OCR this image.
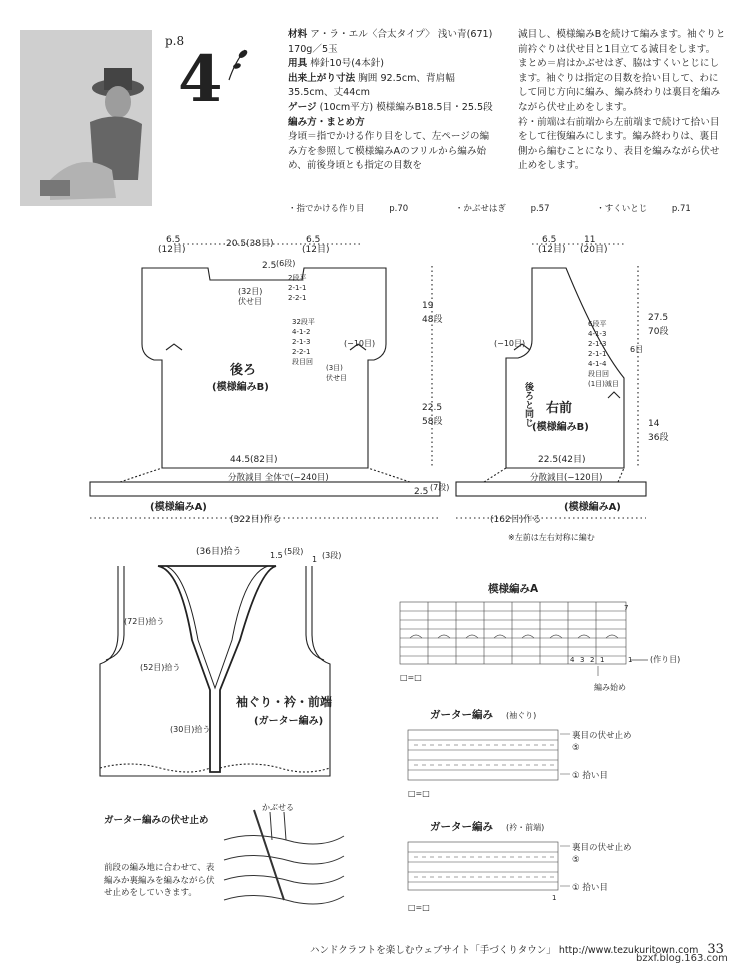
p.8
4
材料 ア・ラ・エル〈合太タイプ〉 浅い青(671) 170g／5玉
用具 棒針10号(4本針)
出来上がり寸法 胸囲 92.5cm、背肩幅 35.5cm、丈44cm
ゲージ (10cm平方) 模様編みB18.5目・25.5段
編み方・まとめ方
身頃＝指でかける作り目をして、左ページの編み方を参照して模様編みAのフリルから編み始め、前後身頃とも指定の目数を
減目し、模様編みBを続けて編みます。袖ぐりと前衿ぐりは伏せ目と1目立てる減目をします。
まとめ＝肩はかぶせはぎ、脇はすくいとじにします。袖ぐりは指定の目数を拾い目して、わにして同じ方向に編み、編み終わりは裏目を編みながら伏せ止めをします。
衿・前端は右前端から左前端まで続けて拾い目をして往復編みにします。編み終わりは、裏目側から編むことになり、表目を編みながら伏せ止めをします。
・指でかける作り目	p.70	・かぶせはぎ	p.57	・すくいとじ	p.71
6.5
(12目)
20.5(38目)	6.5
(12目)
2.5 (6段)
(32目)
伏せ目
2段平
2-1-1
2-2-1
32段平
4-1-2
2-1-3
2-2-1
段目回
(3目)
伏せ目
(−10目)
後ろ
(模様編みB)
19
48段
22.5
58段
44.5(82目)
分散減目 全体で(−240目)
2.5 (7段)
(模様編みA)
(322目)作る
6.5
(12目)
11
(20目)
(−10目)
後ろと同じ
6段平
4-1-3
2-1-3
2-1-1
4-1-4
段目回
(1目)減目
6目
27.5
70段
14
36段
右前
(模様編みB)
22.5(42目)
分散減目(−120目)
(模様編みA)
(162目)作る
※左前は左右対称に編む
(36目)拾う	1.5 (5段)
1 (3段)
(72目)拾う
(52目)拾う
(30目)拾う
袖ぐり・衿・前端
(ガーター編み)
模様編みA
7
1
4 3 2 1	(作り目)
編み始め
□=□
ガーター編み (袖ぐり)
裏目の伏せ止め
⑤
① 拾い目
□=□
ガーター編みの伏せ止め
かぶせる
前段の編み地に合わせて、表編みか裏編みを編みながら伏せ止めをしていきます。
ガーター編み (衿・前端)
裏目の伏せ止め
⑤
1
① 拾い目
□=□
ハンドクラフトを楽しむウェブサイト「手づくりタウン」 http://www.tezukuritown.com 33
bzxf.blog.163.com
